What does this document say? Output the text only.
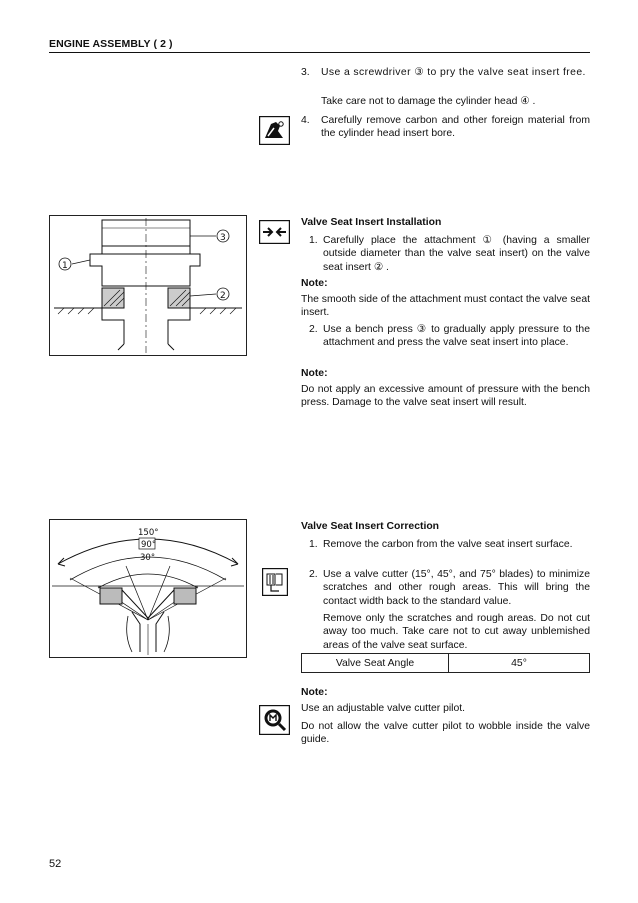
ENGINE ASSEMBLY ( 2 )
3.	Use a screwdriver ③ to pry the valve seat insert free.
Take care not to damage the cylinder head ④ .
4.	Carefully remove carbon and other foreign material from the cylinder head insert bore.
3
1
2
Valve Seat Insert Installation
1. Carefully place the attachment ① (having a smaller outside diameter than the valve seat insert) on the valve seat insert ② .
Note:
The smooth side of the attachment must contact the valve seat insert.
2. Use a bench press ③ to gradually apply pressure to the attachment and press the valve seat insert into place.
Note:
Do not apply an excessive amount of pressure with the bench press. Damage to the valve seat insert will result.
150°
90°
30°
Valve Seat Insert Correction
1. Remove the carbon from the valve seat insert surface.
2. Use a valve cutter (15°, 45°, and 75° blades) to minimize scratches and other rough areas. This will bring the contact width back to the standard value.
Remove only the scratches and rough areas. Do not cut away too much. Take care not to cut away unblemished areas of the valve seat surface.
Valve Seat Angle	45°
Note:
Use an adjustable valve cutter pilot.
Do not allow the valve cutter pilot to wobble inside the valve guide.
52
